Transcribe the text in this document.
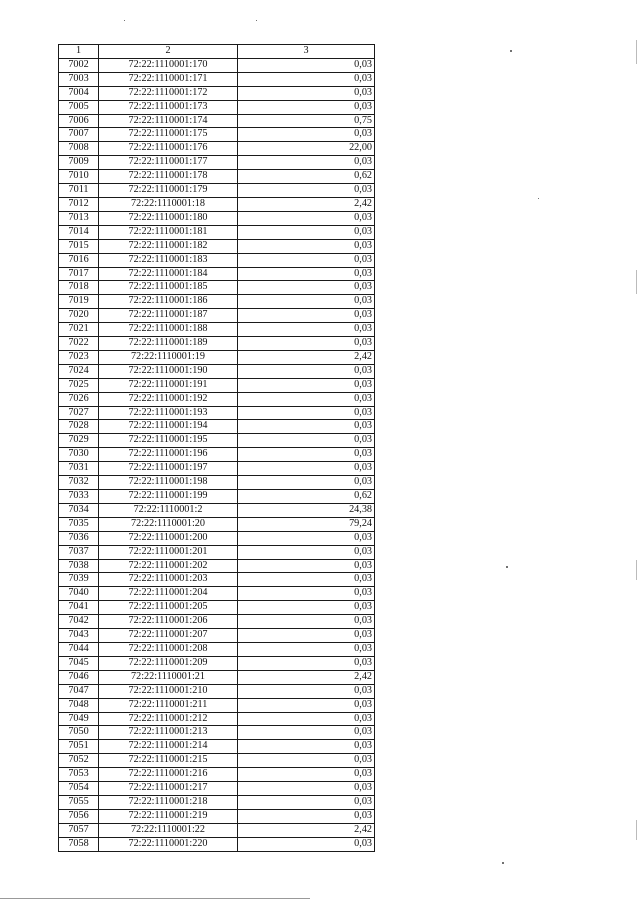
1	2	3
7002	72:22:1110001:170	0,03
7003	72:22:1110001:171	0,03
7004	72:22:1110001:172	0,03
7005	72:22:1110001:173	0,03
7006	72:22:1110001:174	0,75
7007	72:22:1110001:175	0,03
7008	72:22:1110001:176	22,00
7009	72:22:1110001:177	0,03
7010	72:22:1110001:178	0,62
7011	72:22:1110001:179	0,03
7012	72:22:1110001:18	2,42
7013	72:22:1110001:180	0,03
7014	72:22:1110001:181	0,03
7015	72:22:1110001:182	0,03
7016	72:22:1110001:183	0,03
7017	72:22:1110001:184	0,03
7018	72:22:1110001:185	0,03
7019	72:22:1110001:186	0,03
7020	72:22:1110001:187	0,03
7021	72:22:1110001:188	0,03
7022	72:22:1110001:189	0,03
7023	72:22:1110001:19	2,42
7024	72:22:1110001:190	0,03
7025	72:22:1110001:191	0,03
7026	72:22:1110001:192	0,03
7027	72:22:1110001:193	0,03
7028	72:22:1110001:194	0,03
7029	72:22:1110001:195	0,03
7030	72:22:1110001:196	0,03
7031	72:22:1110001:197	0,03
7032	72:22:1110001:198	0,03
7033	72:22:1110001:199	0,62
7034	72:22:1110001:2	24,38
7035	72:22:1110001:20	79,24
7036	72:22:1110001:200	0,03
7037	72:22:1110001:201	0,03
7038	72:22:1110001:202	0,03
7039	72:22:1110001:203	0,03
7040	72:22:1110001:204	0,03
7041	72:22:1110001:205	0,03
7042	72:22:1110001:206	0,03
7043	72:22:1110001:207	0,03
7044	72:22:1110001:208	0,03
7045	72:22:1110001:209	0,03
7046	72:22:1110001:21	2,42
7047	72:22:1110001:210	0,03
7048	72:22:1110001:211	0,03
7049	72:22:1110001:212	0,03
7050	72:22:1110001:213	0,03
7051	72:22:1110001:214	0,03
7052	72:22:1110001:215	0,03
7053	72:22:1110001:216	0,03
7054	72:22:1110001:217	0,03
7055	72:22:1110001:218	0,03
7056	72:22:1110001:219	0,03
7057	72:22:1110001:22	2,42
7058	72:22:1110001:220	0,03
